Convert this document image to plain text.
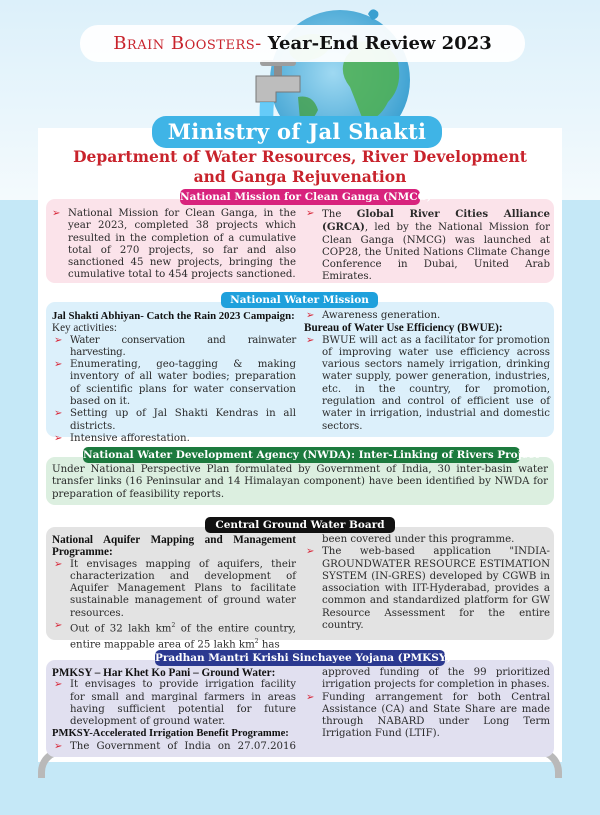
Brain Boosters- Year-End Review 2023
Ministry of Jal Shakti
Department of Water Resources, River Development
and Ganga Rejuvenation
National Mission for Clean Ganga (NMCG)
➢ National Mission for Clean Ganga, in the year 2023, completed 38 projects which resulted in the completion of a cumulative total of 270 projects, so far and also sanctioned 45 new projects, bringing the cumulative total to 454 projects sanctioned.
➢ The Global River Cities Alliance (GRCA), led by the National Mission for Clean Ganga (NMCG) was launched at COP28, the United Nations Climate Change Conference in Dubai, United Arab Emirates.
National Water Mission
Jal Shakti Abhiyan- Catch the Rain 2023 Campaign:
Key activities:
➢ Water conservation and rainwater harvesting.
➢ Enumerating, geo-tagging & making inventory of all water bodies; preparation of scientific plans for water conservation based on it.
➢ Setting up of Jal Shakti Kendras in all districts.
➢ Intensive afforestation.
➢ Awareness generation.
Bureau of Water Use Efficiency (BWUE):
➢ BWUE will act as a facilitator for promotion of improving water use efficiency across various sectors namely irrigation, drinking water supply, power generation, industries, etc. in the country, for promotion, regulation and control of efficient use of water in irrigation, industrial and domestic sectors.
National Water Development Agency (NWDA): Inter-Linking of Rivers Project

Under National Perspective Plan formulated by Government of India, 30 inter-basin water transfer links (16 Peninsular and 14 Himalayan component) have been identified by NWDA for preparation of feasibility reports.

Central Ground Water Board
National Aquifer Mapping and Management Programme:
➢ It envisages mapping of aquifers, their characterization and development of Aquifer Management Plans to facilitate sustainable management of ground water resources.
➢ Out of 32 lakh $km^2$ of the entire country, entire mappable area of 25 lakh $km^2$ has
been covered under this programme.
➢ The web-based application "INDIA-GROUNDWATER RESOURCE ESTIMATION SYSTEM (IN-GRES) developed by CGWB in association with IIT-Hyderabad, provides a common and standardized platform for GW Resource Assessment for the entire country.
Pradhan Mantri Krishi Sinchayee Yojana (PMKSY)
PMKSY – Har Khet Ko Pani – Ground Water:
➢ It envisages to provide irrigation facility for small and marginal farmers in areas having sufficient potential for future development of ground water.
PMKSY-Accelerated Irrigation Benefit Programme:
➢ The Government of India on 27.07.2016
approved funding of the 99 prioritized irrigation projects for completion in phases.
➢ Funding arrangement for both Central Assistance (CA) and State Share are made through NABARD under Long Term Irrigation Fund (LTIF).
